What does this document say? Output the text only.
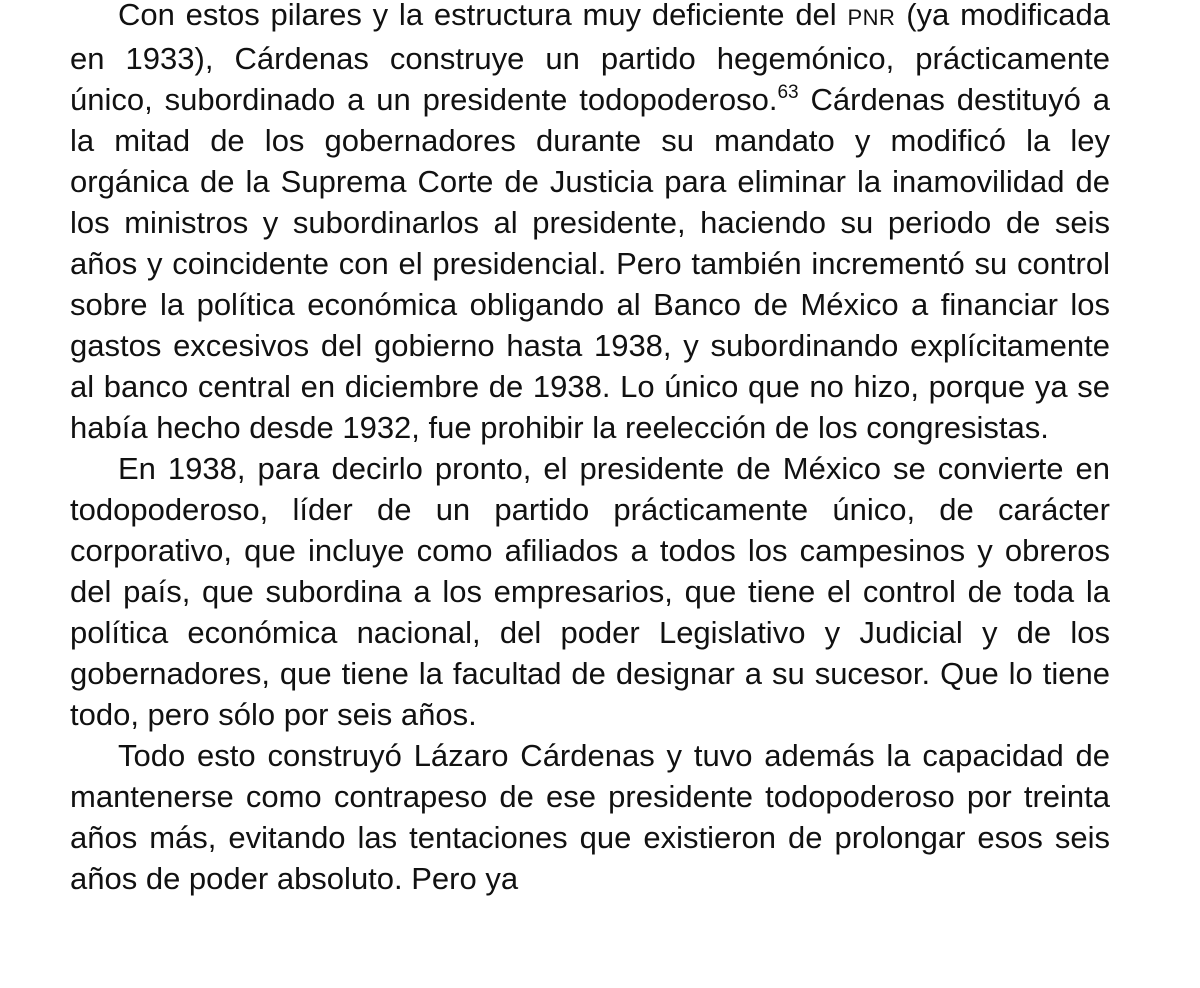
Con estos pilares y la estructura muy deficiente del PNR (ya modificada en 1933), Cárdenas construye un partido hegemónico, prácticamente único, subordinado a un presidente todopoderoso.$^{63}$ Cárdenas destituyó a la mitad de los gobernadores durante su mandato y modificó la ley orgánica de la Suprema Corte de Justicia para eliminar la inamovilidad de los ministros y subordinarlos al presidente, haciendo su periodo de seis años y coincidente con el presidencial. Pero también incrementó su control sobre la política económica obligando al Banco de México a financiar los gastos excesivos del gobierno hasta 1938, y subordinando explícitamente al banco central en diciembre de 1938. Lo único que no hizo, porque ya se había hecho desde 1932, fue prohibir la reelección de los congresistas.

En 1938, para decirlo pronto, el presidente de México se convierte en todopoderoso, líder de un partido prácticamente único, de carácter corporativo, que incluye como afiliados a todos los campesinos y obreros del país, que subordina a los empresarios, que tiene el control de toda la política económica nacional, del poder Legislativo y Judicial y de los gobernadores, que tiene la facultad de designar a su sucesor. Que lo tiene todo, pero sólo por seis años.

Todo esto construyó Lázaro Cárdenas y tuvo además la capacidad de mantenerse como contrapeso de ese presidente todopoderoso por treinta años más, evitando las tentaciones que existieron de prolongar esos seis años de poder absoluto. Pero ya
